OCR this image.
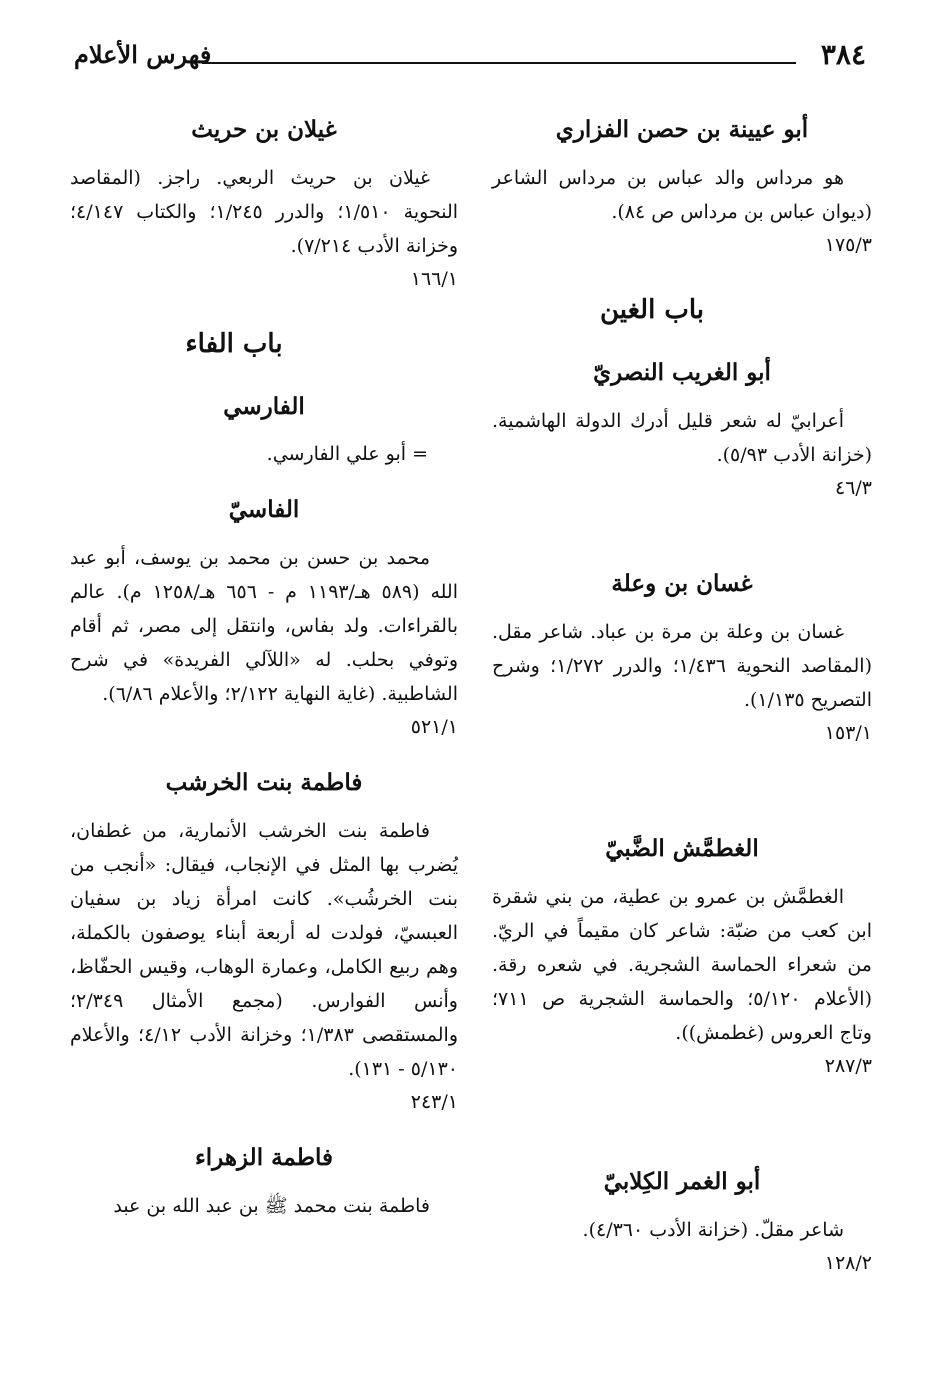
٣٨٤
فهرس الأعلام
أبو عيينة بن حصن الفزاري
هو مرداس والد عباس بن مرداس الشاعر (ديوان عباس بن مرداس ص ٨٤).
١٧٥/٣
باب الغين
أبو الغريب النصريّ
أعرابيّ له شعر قليل أدرك الدولة الهاشمية. (خزانة الأدب ٥/٩٣).
٤٦/٣
غسان بن وعلة
غسان بن وعلة بن مرة بن عباد. شاعر مقل. (المقاصد النحوية ١/٤٣٦؛ والدرر ١/٢٧٢؛ وشرح التصريح ١/١٣٥).
١٥٣/١
الغطمَّش الضَّبيّ
الغطمَّش بن عمرو بن عطية، من بني شقرة ابن كعب من ضبّة: شاعر كان مقيماً في الريّ. من شعراء الحماسة الشجرية. في شعره رقة. (الأعلام ٥/١٢٠؛ والحماسة الشجرية ص ٧١١؛ وتاج العروس (غطمش)).
٢٨٧/٣
أبو الغمر الكِلابيّ
شاعر مقلّ. (خزانة الأدب ٤/٣٦٠).
١٢٨/٢
غيلان بن حريث
غيلان بن حريث الربعي. راجز. (المقاصد النحوية ١/٥١٠؛ والدرر ١/٢٤٥؛ والكتاب ٤/١٤٧؛ وخزانة الأدب ٧/٢١٤).
١٦٦/١
باب الفاء
الفارسي
= أبو علي الفارسي.
الفاسيّ
محمد بن حسن بن محمد بن يوسف، أبو عبد الله (٥٨٩ هـ/١١٩٣ م - ٦٥٦ هـ/١٢٥٨ م). عالم بالقراءات. ولد بفاس، وانتقل إلى مصر، ثم أقام وتوفي بحلب. له «اللآلي الفريدة» في شرح الشاطبية. (غاية النهاية ٢/١٢٢؛ والأعلام ٦/٨٦).
٥٢١/١
فاطمة بنت الخرشب
فاطمة بنت الخرشب الأنمارية، من غطفان، يُضرب بها المثل في الإنجاب، فيقال: «أنجب من بنت الخرشُب». كانت امرأة زياد بن سفيان العبسيّ، فولدت له أربعة أبناء يوصفون بالكملة، وهم ربيع الكامل، وعمارة الوهاب، وقيس الحفّاظ، وأنس الفوارس. (مجمع الأمثال ٢/٣٤٩؛ والمستقصى ١/٣٨٣؛ وخزانة الأدب ٤/١٢؛ والأعلام ٥/١٣٠ - ١٣١).
٢٤٣/١
فاطمة الزهراء
فاطمة بنت محمد ﷺ بن عبد الله بن عبد
